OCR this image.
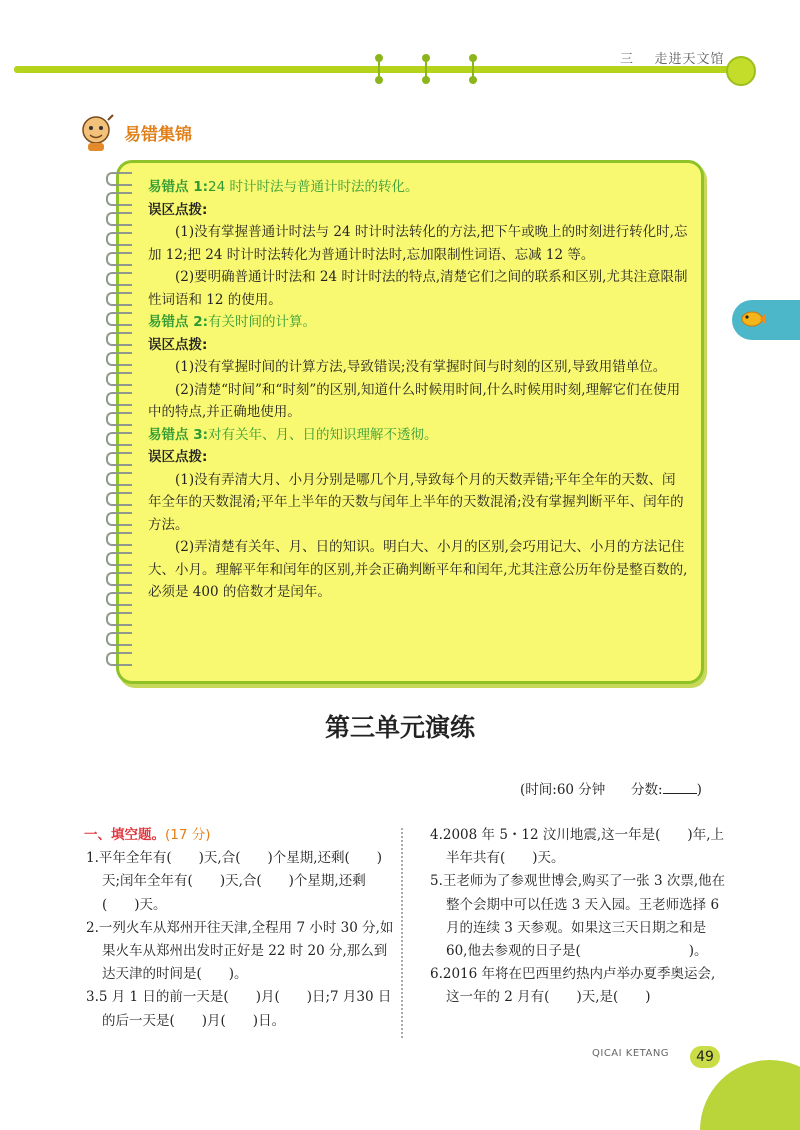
三 走进天文馆
易错集锦

易错点 1:24 时计时法与普通计时法的转化。

误区点拨:

(1)没有掌握普通计时法与 24 时计时法转化的方法,把下午或晚上的时刻进行转化时,忘加 12;把 24 时计时法转化为普通计时法时,忘加限制性词语、忘减 12 等。

(2)要明确普通计时法和 24 时计时法的特点,清楚它们之间的联系和区别,尤其注意限制性词语和 12 的使用。

易错点 2:有关时间的计算。

误区点拨:

(1)没有掌握时间的计算方法,导致错误;没有掌握时间与时刻的区别,导致用错单位。

(2)清楚“时间”和“时刻”的区别,知道什么时候用时间,什么时候用时刻,理解它们在使用中的特点,并正确地使用。

易错点 3:对有关年、月、日的知识理解不透彻。

误区点拨:

(1)没有弄清大月、小月分别是哪几个月,导致每个月的天数弄错;平年全年的天数、闰年全年的天数混淆;平年上半年的天数与闰年上半年的天数混淆;没有掌握判断平年、闰年的方法。

(2)弄清楚有关年、月、日的知识。明白大、小月的区别,会巧用记大、小月的方法记住大、小月。理解平年和闰年的区别,并会正确判断平年和闰年,尤其注意公历年份是整百数的,必须是 400 的倍数才是闰年。

第三单元演练
(时间:60 分钟 分数:	)

一、填空题。(17 分)

1.平年全年有(　　)天,合(　　)个星期,还剩(　　)天;闰年全年有(　　)天,合(　　)个星期,还剩(　　)天。

2.一列火车从郑州开往天津,全程用 7 小时 30 分,如果火车从郑州出发时正好是 22 时 20 分,那么到达天津的时间是(　　)。

3.5 月 1 日的前一天是(　　)月(　　)日;7 月30 日的后一天是(　　)月(　　)日。

4.2008 年 5・12 汶川地震,这一年是(　　)年,上半年共有(　　)天。

5.王老师为了参观世博会,购买了一张 3 次票,他在整个会期中可以任选 3 天入园。王老师选择 6 月的连续 3 天参观。如果这三天日期之和是 60,他去参观的日子是(　　　　　　　　)。

6.2016 年将在巴西里约热内卢举办夏季奥运会,这一年的 2 月有(　　)天,是(　　)

QICAI KETANG	49
